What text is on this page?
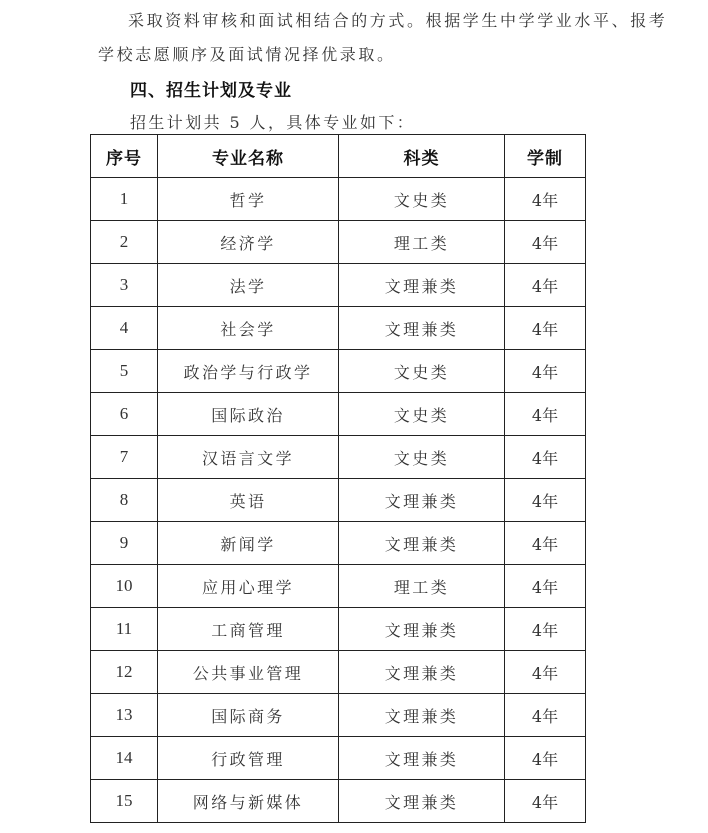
采取资料审核和面试相结合的方式。根据学生中学学业水平、报考
学校志愿顺序及面试情况择优录取。
四、招生计划及专业
招生计划共 5 人，具体专业如下：
序号	专业名称	科类	学制
1	哲学	文史类	4年
2	经济学	理工类	4年
3	法学	文理兼类	4年
4	社会学	文理兼类	4年
5	政治学与行政学	文史类	4年
6	国际政治	文史类	4年
7	汉语言文学	文史类	4年
8	英语	文理兼类	4年
9	新闻学	文理兼类	4年
10	应用心理学	理工类	4年
11	工商管理	文理兼类	4年
12	公共事业管理	文理兼类	4年
13	国际商务	文理兼类	4年
14	行政管理	文理兼类	4年
15	网络与新媒体	文理兼类	4年
